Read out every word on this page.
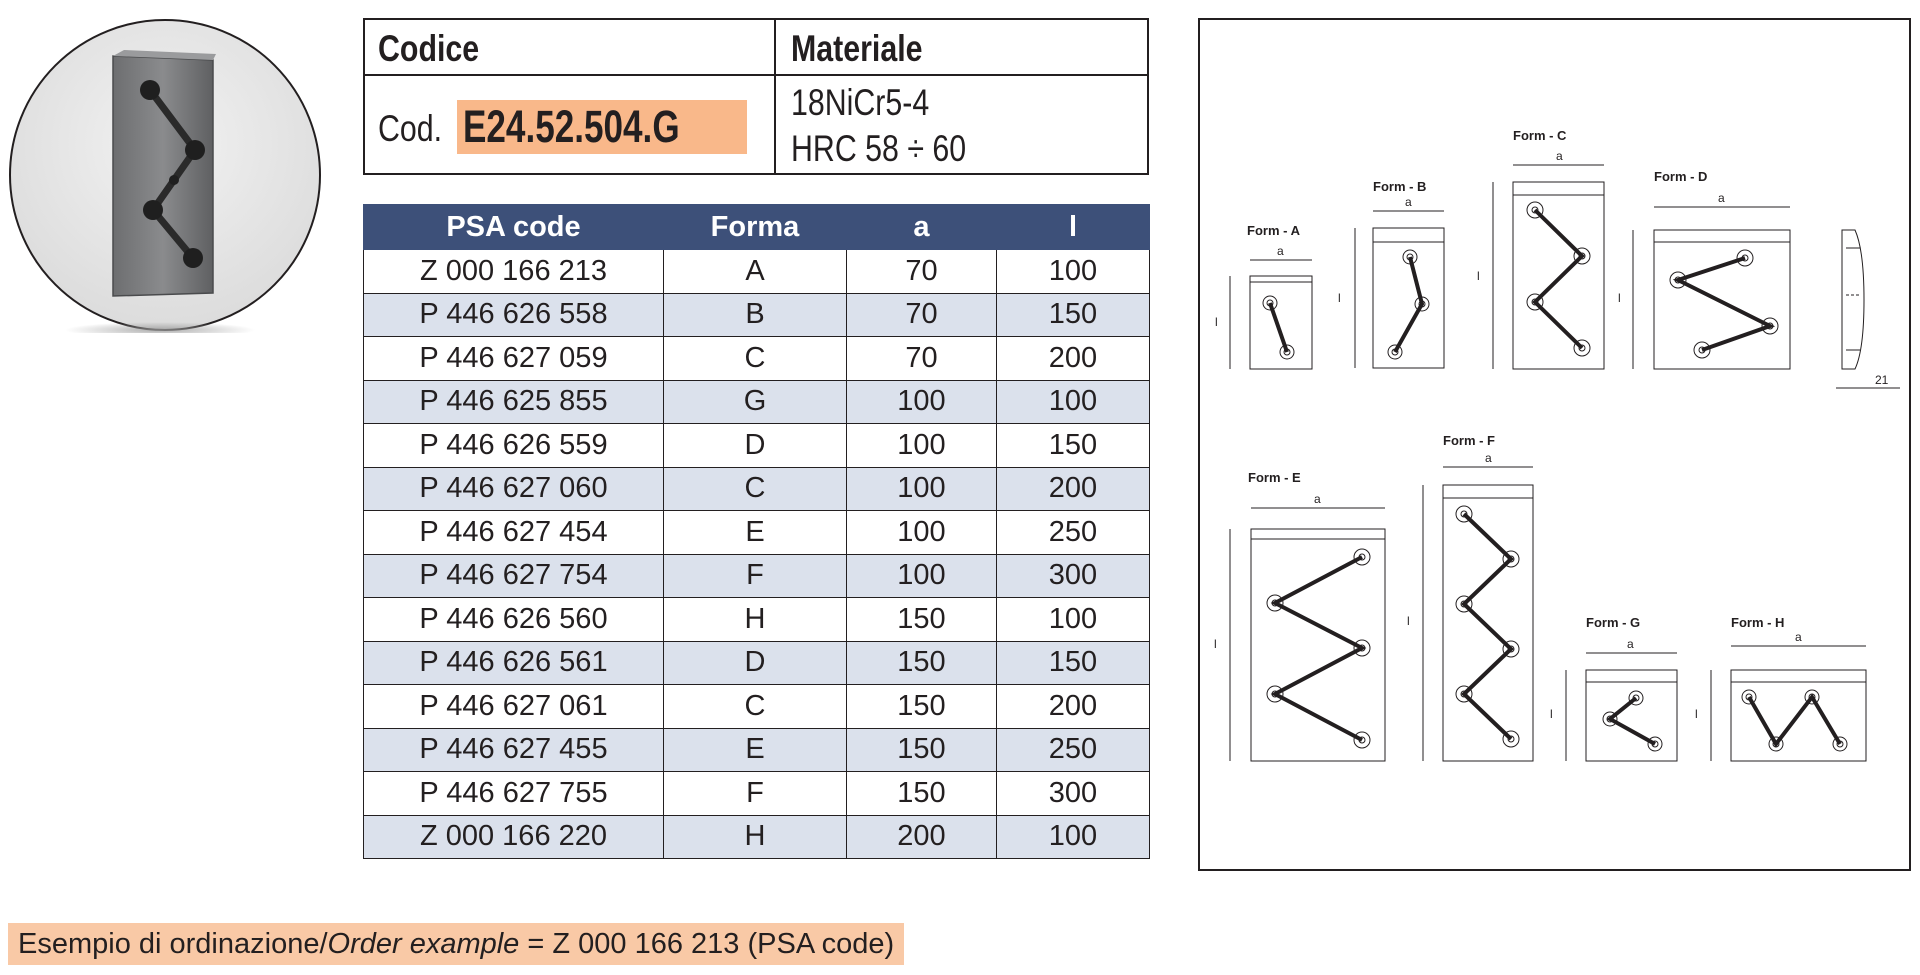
Codice	Materiale
Cod. E24.52.504.G	18NiCr5-4
HRC 58 ÷ 60
PSA code	Forma	a	l
Z 000 166 213	A	70	100
P 446 626 558	B	70	150
P 446 627 059	C	70	200
P 446 625 855	G	100	100
P 446 626 559	D	100	150
P 446 627 060	C	100	200
P 446 627 454	E	100	250
P 446 627 754	F	100	300
P 446 626 560	H	150	100
P 446 626 561	D	150	150
P 446 627 061	C	150	200
P 446 627 455	E	150	250
P 446 627 755	F	150	300
Z 000 166 220	H	200	100
Form - A
a
l
Form - B
a
l
Form - C
a
l
Form - D
a
l
21
Form - E
a
l
Form - F
a
l	Form - G
a
l
Form - H
a
l
Esempio di ordinazione/Order example = Z 000 166 213 (PSA code)
